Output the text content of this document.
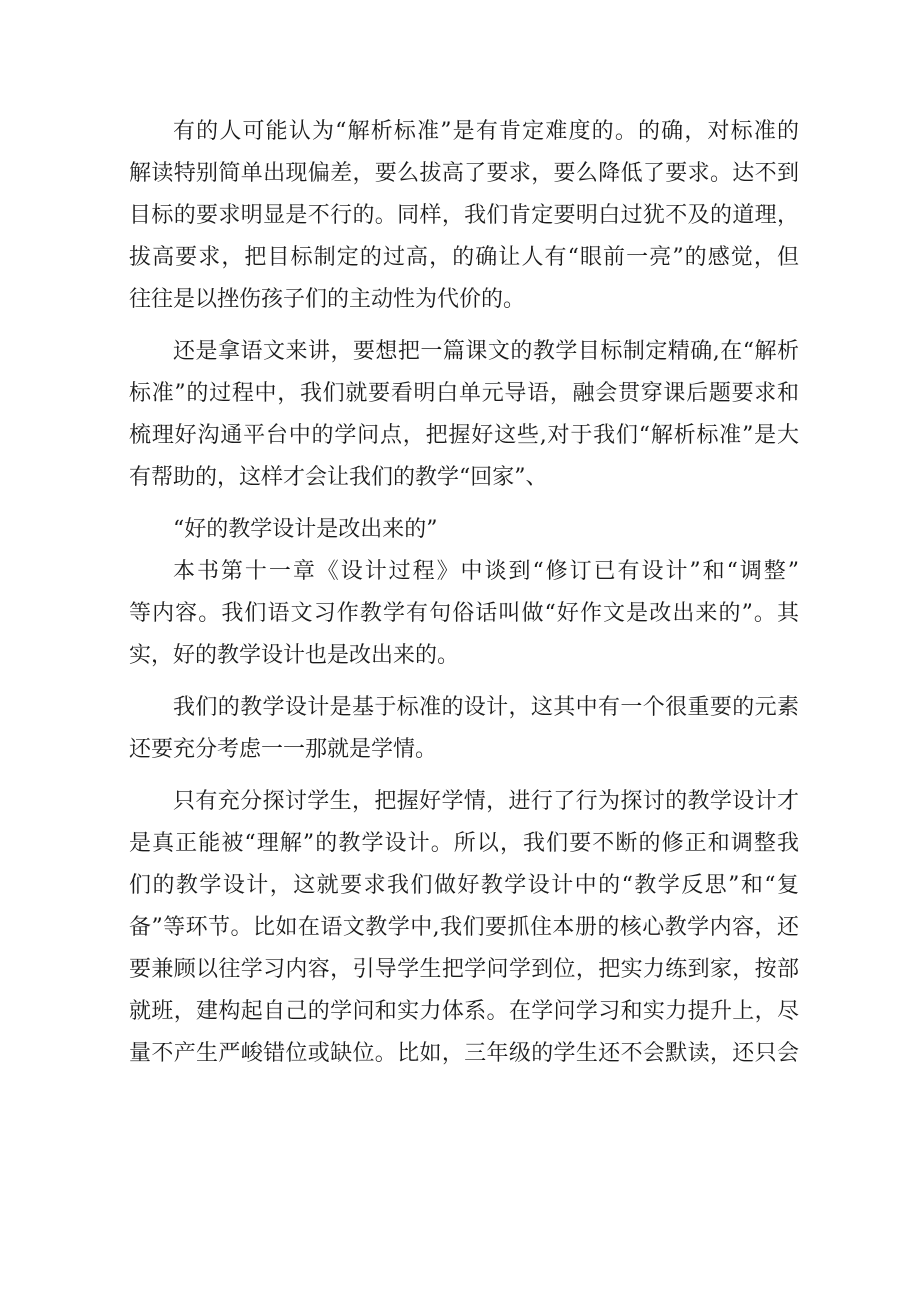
有的人可能认为“解析标准”是有肯定难度的。的确，对标准的
解读特别简单出现偏差，要么拔高了要求，要么降低了要求。达不到
目标的要求明显是不行的。同样，我们肯定要明白过犹不及的道理，
拔高要求，把目标制定的过高，的确让人有“眼前一亮”的感觉，但
往往是以挫伤孩子们的主动性为代价的。
还是拿语文来讲，要想把一篇课文的教学目标制定精确,在“解析
标准”的过程中，我们就要看明白单元导语，融会贯穿课后题要求和
梳理好沟通平台中的学问点，把握好这些,对于我们“解析标准”是大
有帮助的，这样才会让我们的教学“回家”、
“好的教学设计是改出来的”
本书第十一章《设计过程》中谈到“修订已有设计”和“调整”
等内容。我们语文习作教学有句俗话叫做“好作文是改出来的”。其
实，好的教学设计也是改出来的。
我们的教学设计是基于标准的设计，这其中有一个很重要的元素
还要充分考虑一一那就是学情。
只有充分探讨学生，把握好学情，进行了行为探讨的教学设计才
是真正能被“理解”的教学设计。所以，我们要不断的修正和调整我
们的教学设计，这就要求我们做好教学设计中的“教学反思”和“复
备”等环节。比如在语文教学中,我们要抓住本册的核心教学内容，还
要兼顾以往学习内容，引导学生把学问学到位，把实力练到家，按部
就班，建构起自己的学问和实力体系。在学问学习和实力提升上，尽
量不产生严峻错位或缺位。比如，三年级的学生还不会默读，还只会
